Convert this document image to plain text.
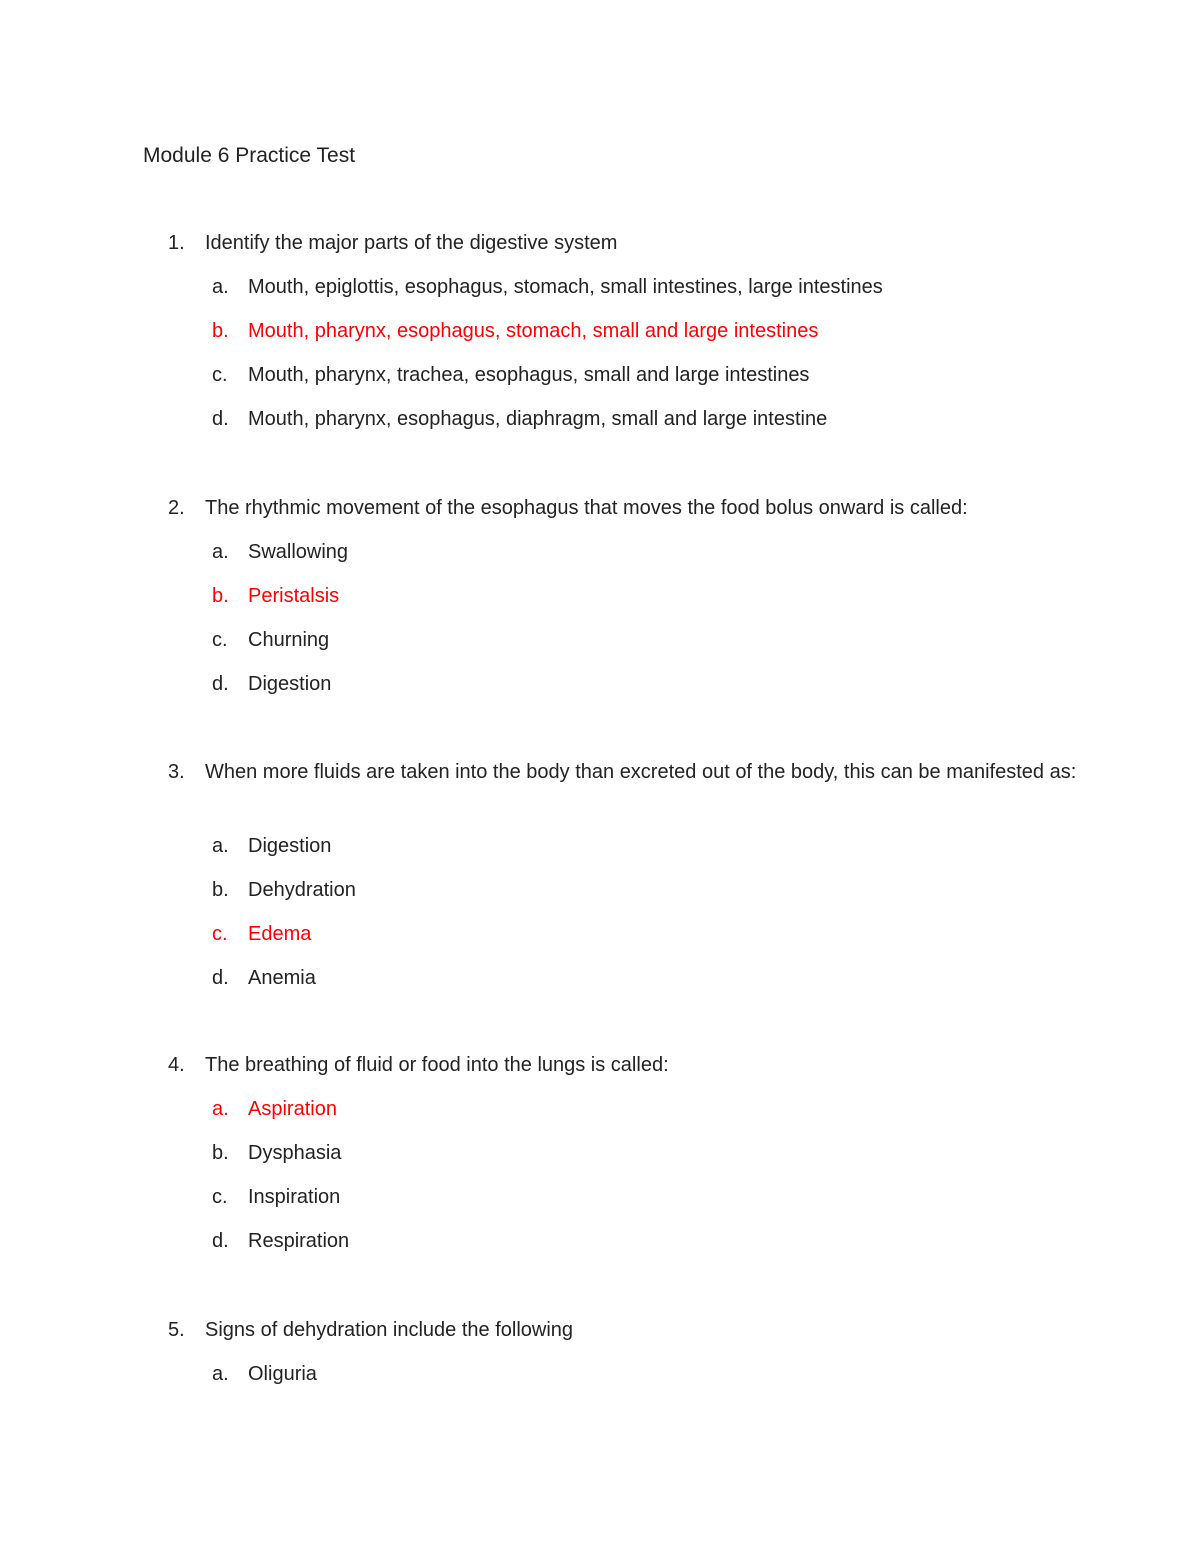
Module 6 Practice Test
1. Identify the major parts of the digestive system
a. Mouth, epiglottis, esophagus, stomach, small intestines, large intestines
b. Mouth, pharynx, esophagus, stomach, small and large intestines
c. Mouth, pharynx, trachea, esophagus, small and large intestines
d. Mouth, pharynx, esophagus, diaphragm, small and large intestine
2. The rhythmic movement of the esophagus that moves the food bolus onward is called:
a. Swallowing
b. Peristalsis
c. Churning
d. Digestion
3. When more fluids are taken into the body than excreted out of the body, this can be manifested as:
a. Digestion
b. Dehydration
c. Edema
d. Anemia
4. The breathing of fluid or food into the lungs is called:
a. Aspiration
b. Dysphasia
c. Inspiration
d. Respiration
5. Signs of dehydration include the following
a. Oliguria
